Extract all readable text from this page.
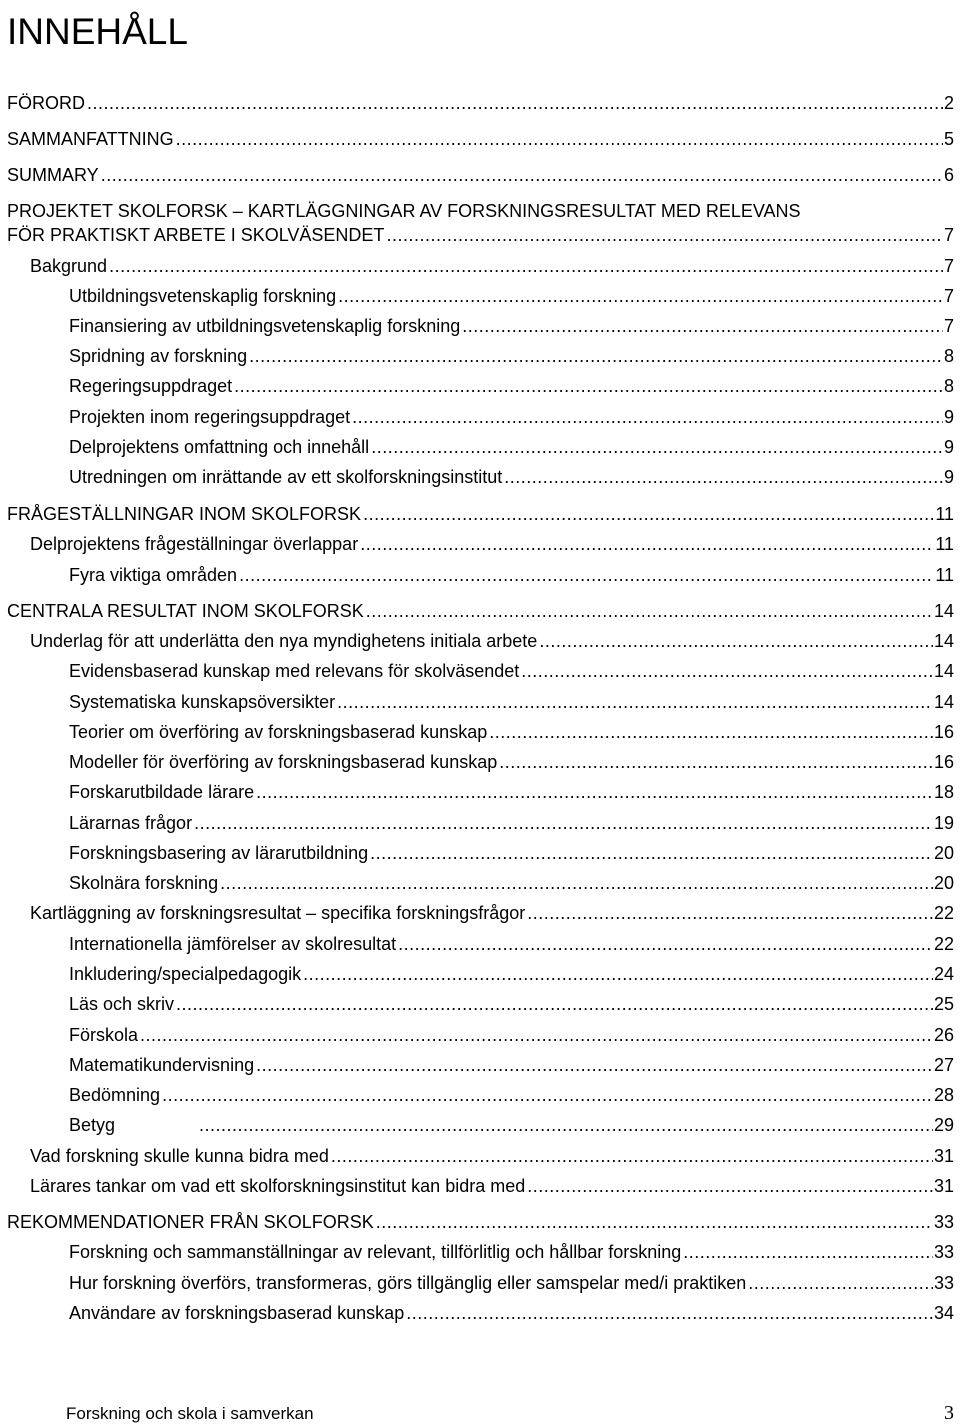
INNEHÅLL
FÖRORD .....	2
SAMMANFATTNING .....	5
SUMMARY .....	6
PROJEKTET SKOLFORSK – KARTLÄGGNINGAR AV FORSKNINGSRESULTAT MED RELEVANS
FÖR PRAKTISKT ARBETE I SKOLVÄSENDET .....	7
Bakgrund .....	7
Utbildningsvetenskaplig forskning .....	7
Finansiering av utbildningsvetenskaplig forskning .....	7
Spridning av forskning .....	8
Regeringsuppdraget .....	8
Projekten inom regeringsuppdraget .....	9
Delprojektens omfattning och innehåll .....	9
Utredningen om inrättande av ett skolforskningsinstitut .....	9
FRÅGESTÄLLNINGAR INOM SKOLFORSK .....	11
Delprojektens frågeställningar överlappar .....	11
Fyra viktiga områden .....	11
CENTRALA RESULTAT INOM SKOLFORSK .....	14
Underlag för att underlätta den nya myndighetens initiala arbete .....	14
Evidensbaserad kunskap med relevans för skolväsendet .....	14
Systematiska kunskapsöversikter .....	14
Teorier om överföring av forskningsbaserad kunskap .....	16
Modeller för överföring av forskningsbaserad kunskap .....	16
Forskarutbildade lärare .....	18
Lärarnas frågor .....	19
Forskningsbasering av lärarutbildning .....	20
Skolnära forskning .....	20
Kartläggning av forskningsresultat – specifika forskningsfrågor .....	22
Internationella jämförelser av skolresultat .....	22
Inkludering/specialpedagogik .....	24
Läs och skriv .....	25
Förskola .....	26
Matematikundervisning .....	27
Bedömning .....	28
Betyg .....	29
Vad forskning skulle kunna bidra med .....	31
Lärares tankar om vad ett skolforskningsinstitut kan bidra med .....	31
REKOMMENDATIONER FRÅN SKOLFORSK .....	33
Forskning och sammanställningar av relevant, tillförlitlig och hållbar forskning .....	33
Hur forskning överförs, transformeras, görs tillgänglig eller samspelar med/i praktiken .....	33
Användare av forskningsbaserad kunskap .....	34
Forskning och skola i samverkan	3
